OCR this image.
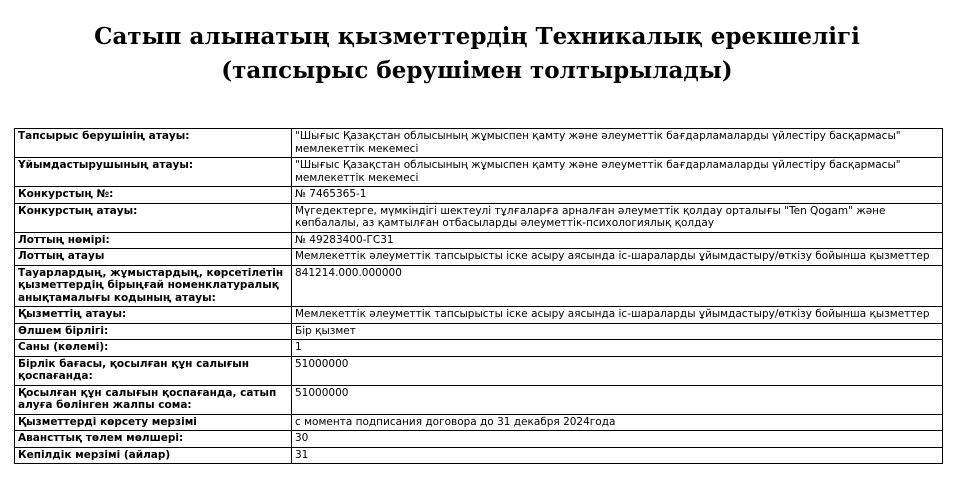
Сатып алынатың қызметтердің Техникалық ерекшелігі
(тапсырыс берушімен толтырылады)
Тапсырыс берушінің атауы:	"Шығыс Қазақстан облысының жұмыспен қамту және әлеуметтік бағдарламаларды үйлестіру басқармасы" мемлекеттік мекемесі
Ұйымдастырушының атауы:	"Шығыс Қазақстан облысының жұмыспен қамту және әлеуметтік бағдарламаларды үйлестіру басқармасы" мемлекеттік мекемесі
Конкурстың №:	№ 7465365-1
Конкурстың атауы:	Мүгедектерге, мүмкіндігі шектеулі тұлғаларға арналған әлеуметтік қолдау орталығы "Ten Qogam" және көпбалалы, аз қамтылған отбасыларды әлеуметтік-психологиялық қолдау
Лоттың нөмірі:	№ 49283400-ГС31
Лоттың атауы	Мемлекеттік әлеуметтік тапсырысты іске асыру аясында іс-шараларды ұйымдастыру/өткізу бойынша қызметтер
Тауарлардың, жұмыстардың, көрсетілетін қызметтердің бірыңғай номенклатуралық анықтамалығы кодының атауы:	841214.000.000000
Қызметтің атауы:	Мемлекеттік әлеуметтік тапсырысты іске асыру аясында іс-шараларды ұйымдастыру/өткізу бойынша қызметтер
Өлшем бірлігі:	Бір қызмет
Саны (көлемі):	1
Бірлік бағасы, қосылған құн салығын қоспағанда:	51000000
Қосылған құн салығын қоспағанда, сатып алуға бөлінген жалпы сома:	51000000
Қызметтерді көрсету мерзімі	с момента подписания договора до 31 декабря 2024года
Авансттық төлем мөлшері:	30
Кепілдік мерзімі (айлар)	31
